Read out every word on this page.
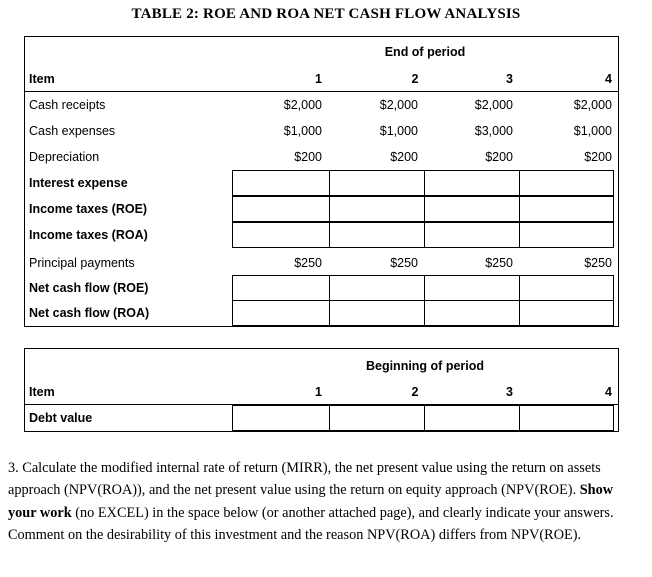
TABLE 2: ROE AND ROA NET CASH FLOW ANALYSIS
End of period
Item	1	2	3	4
Cash receipts	$2,000	$2,000	$2,000	$2,000
Cash expenses	$1,000	$1,000	$3,000	$1,000
Depreciation	$200	$200	$200	$200
Interest expense
Income taxes (ROE)
Income taxes (ROA)
Principal payments	$250	$250	$250	$250
Net cash flow (ROE)
Net cash flow (ROA)
Beginning of period
Item	1	2	3	4
Debt value
3. Calculate the modified internal rate of return (MIRR), the net present value using the return on assets approach (NPV(ROA)), and the net present value using the return on equity approach (NPV(ROE). Show your work (no EXCEL) in the space below (or another attached page), and clearly indicate your answers. Comment on the desirability of this investment and the reason NPV(ROA) differs from NPV(ROE).
